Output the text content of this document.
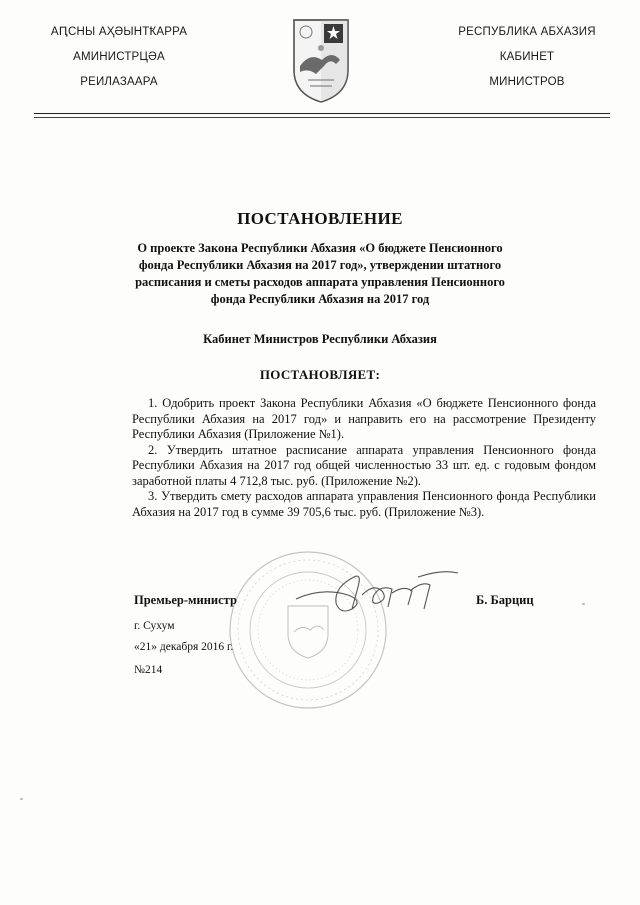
АԤСНЫ АҲӘЫНТҞАРРА
АМИНИСТРЦӘА
РЕИЛАЗААРА
РЕСПУБЛИКА АБХАЗИЯ
КАБИНЕТ
МИНИСТРОВ
ПОСТАНОВЛЕНИЕ
О проекте Закона Республики Абхазия «О бюджете Пенсионного фонда Республики Абхазия на 2017 год», утверждении штатного расписания и сметы расходов аппарата управления Пенсионного фонда Республики Абхазия на 2017 год
Кабинет Министров Республики Абхазия
ПОСТАНОВЛЯЕТ:

1. Одобрить проект Закона Республики Абхазия «О бюджете Пенсионного фонда Республики Абхазия на 2017 год» и направить его на рассмотрение Президенту Республики Абхазия (Приложение №1).

2. Утвердить штатное расписание аппарата управления Пенсионного фонда Республики Абхазия на 2017 год общей численностью 33 шт. ед. с годовым фондом заработной платы 4 712,8 тыс. руб. (Приложение №2).

3. Утвердить смету расходов аппарата управления Пенсионного фонда Республики Абхазия на 2017 год в сумме 39 705,6 тыс. руб. (Приложение №3).

Премьер-министр	Б. Барциц
г. Сухум
«21» декабря 2016 г.
№214
